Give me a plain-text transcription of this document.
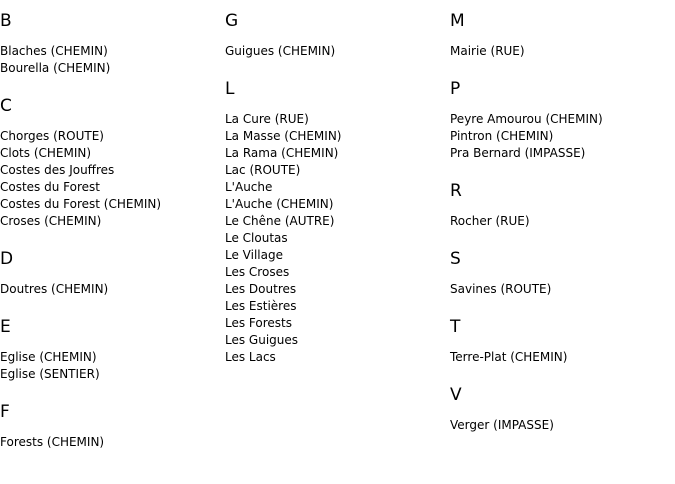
B
Blaches (CHEMIN)
Bourella (CHEMIN)
C
Chorges (ROUTE)
Clots (CHEMIN)
Costes des Jouffres
Costes du Forest
Costes du Forest (CHEMIN)
Croses (CHEMIN)
D
Doutres (CHEMIN)
E
Eglise (CHEMIN)
Eglise (SENTIER)
F
Forests (CHEMIN)
G
Guigues (CHEMIN)
L
La Cure (RUE)
La Masse (CHEMIN)
La Rama (CHEMIN)
Lac (ROUTE)
L'Auche
L'Auche (CHEMIN)
Le Chêne (AUTRE)
Le Cloutas
Le Village
Les Croses
Les Doutres
Les Estières
Les Forests
Les Guigues
Les Lacs
M
Mairie (RUE)
P
Peyre Amourou (CHEMIN)
Pintron (CHEMIN)
Pra Bernard (IMPASSE)
R
Rocher (RUE)
S
Savines (ROUTE)
T
Terre-Plat (CHEMIN)
V
Verger (IMPASSE)
